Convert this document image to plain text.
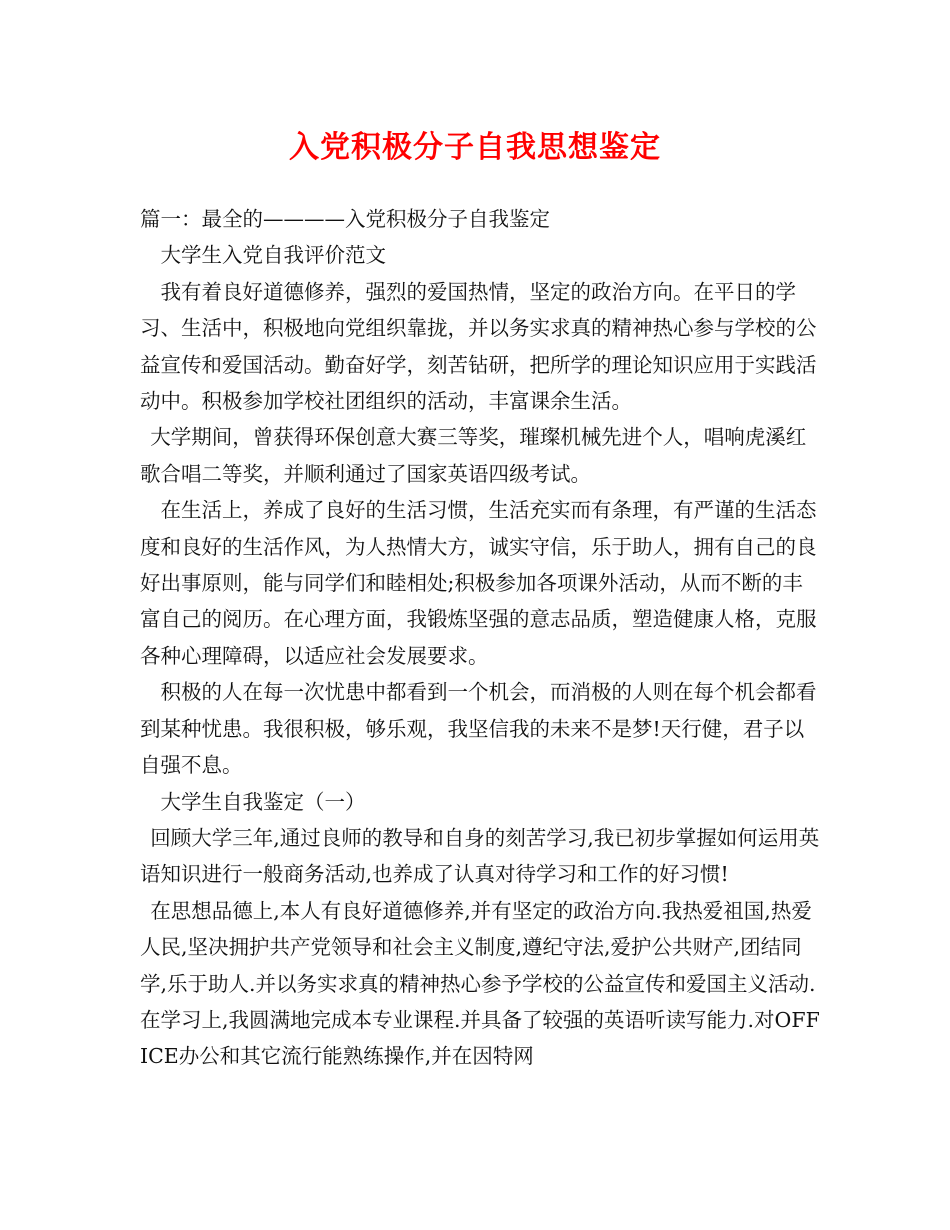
入党积极分子自我思想鉴定

篇一：最全的————入党积极分子自我鉴定

大学生入党自我评价范文

我有着良好道德修养，强烈的爱国热情，坚定的政治方向。在平日的学习、生活中，积极地向党组织靠拢，并以务实求真的精神热心参与学校的公益宣传和爱国活动。勤奋好学，刻苦钻研，把所学的理论知识应用于实践活动中。积极参加学校社团组织的活动，丰富课余生活。

大学期间，曾获得环保创意大赛三等奖，璀璨机械先进个人，唱响虎溪红歌合唱二等奖，并顺利通过了国家英语四级考试。

在生活上，养成了良好的生活习惯，生活充实而有条理，有严谨的生活态度和良好的生活作风，为人热情大方，诚实守信，乐于助人，拥有自己的良好出事原则，能与同学们和睦相处;积极参加各项课外活动，从而不断的丰富自己的阅历。在心理方面，我锻炼坚强的意志品质，塑造健康人格，克服各种心理障碍，以适应社会发展要求。

积极的人在每一次忧患中都看到一个机会，而消极的人则在每个机会都看到某种忧患。我很积极，够乐观，我坚信我的未来不是梦!天行健，君子以自强不息。

大学生自我鉴定（一）

回顾大学三年,通过良师的教导和自身的刻苦学习,我已初步掌握如何运用英语知识进行一般商务活动,也养成了认真对待学习和工作的好习惯!

在思想品德上,本人有良好道德修养,并有坚定的政治方向.我热爱祖国,热爱人民,坚决拥护共产党领导和社会主义制度,遵纪守法,爱护公共财产,团结同学,乐于助人.并以务实求真的精神热心参予学校的公益宣传和爱国主义活动.　在学习上,我圆满地完成本专业课程.并具备了较强的英语听读写能力.对OFFICE办公和其它流行能熟练操作,并在因特网
